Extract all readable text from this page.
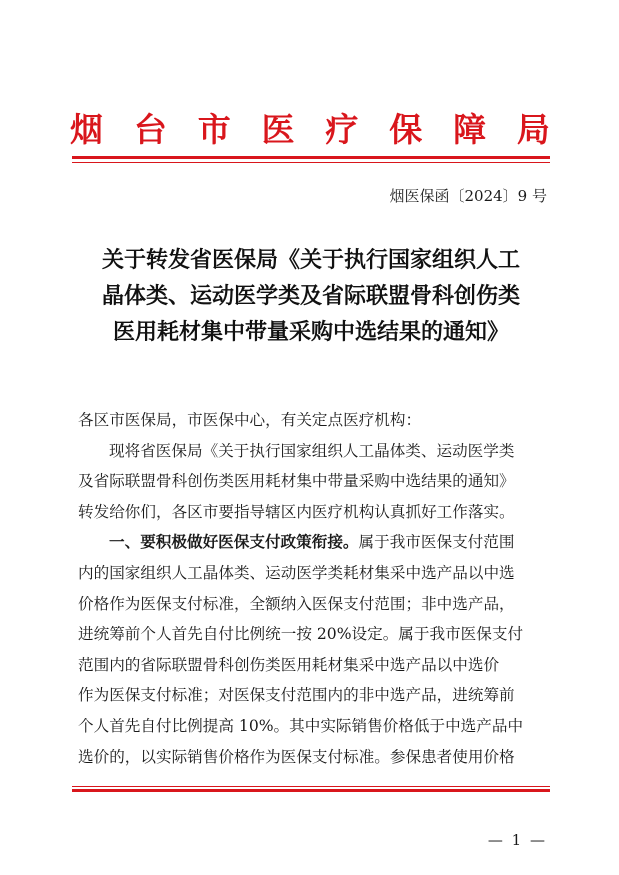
烟 台 市 医 疗 保 障 局
烟医保函〔2024〕9 号
关于转发省医保局《关于执行国家组织人工
晶体类、运动医学类及省际联盟骨科创伤类
医用耗材集中带量采购中选结果的通知》
各区市医保局，市医保中心，有关定点医疗机构：
现将省医保局《关于执行国家组织人工晶体类、运动医学类
及省际联盟骨科创伤类医用耗材集中带量采购中选结果的通知》
转发给你们，各区市要指导辖区内医疗机构认真抓好工作落实。
一、要积极做好医保支付政策衔接。属于我市医保支付范围
内的国家组织人工晶体类、运动医学类耗材集采中选产品以中选
价格作为医保支付标准，全额纳入医保支付范围；非中选产品，
进统筹前个人首先自付比例统一按 20%设定。属于我市医保支付
范围内的省际联盟骨科创伤类医用耗材集采中选产品以中选价
作为医保支付标准；对医保支付范围内的非中选产品，进统筹前
个人首先自付比例提高 10%。其中实际销售价格低于中选产品中
选价的，以实际销售价格作为医保支付标准。参保患者使用价格
— 1 —
